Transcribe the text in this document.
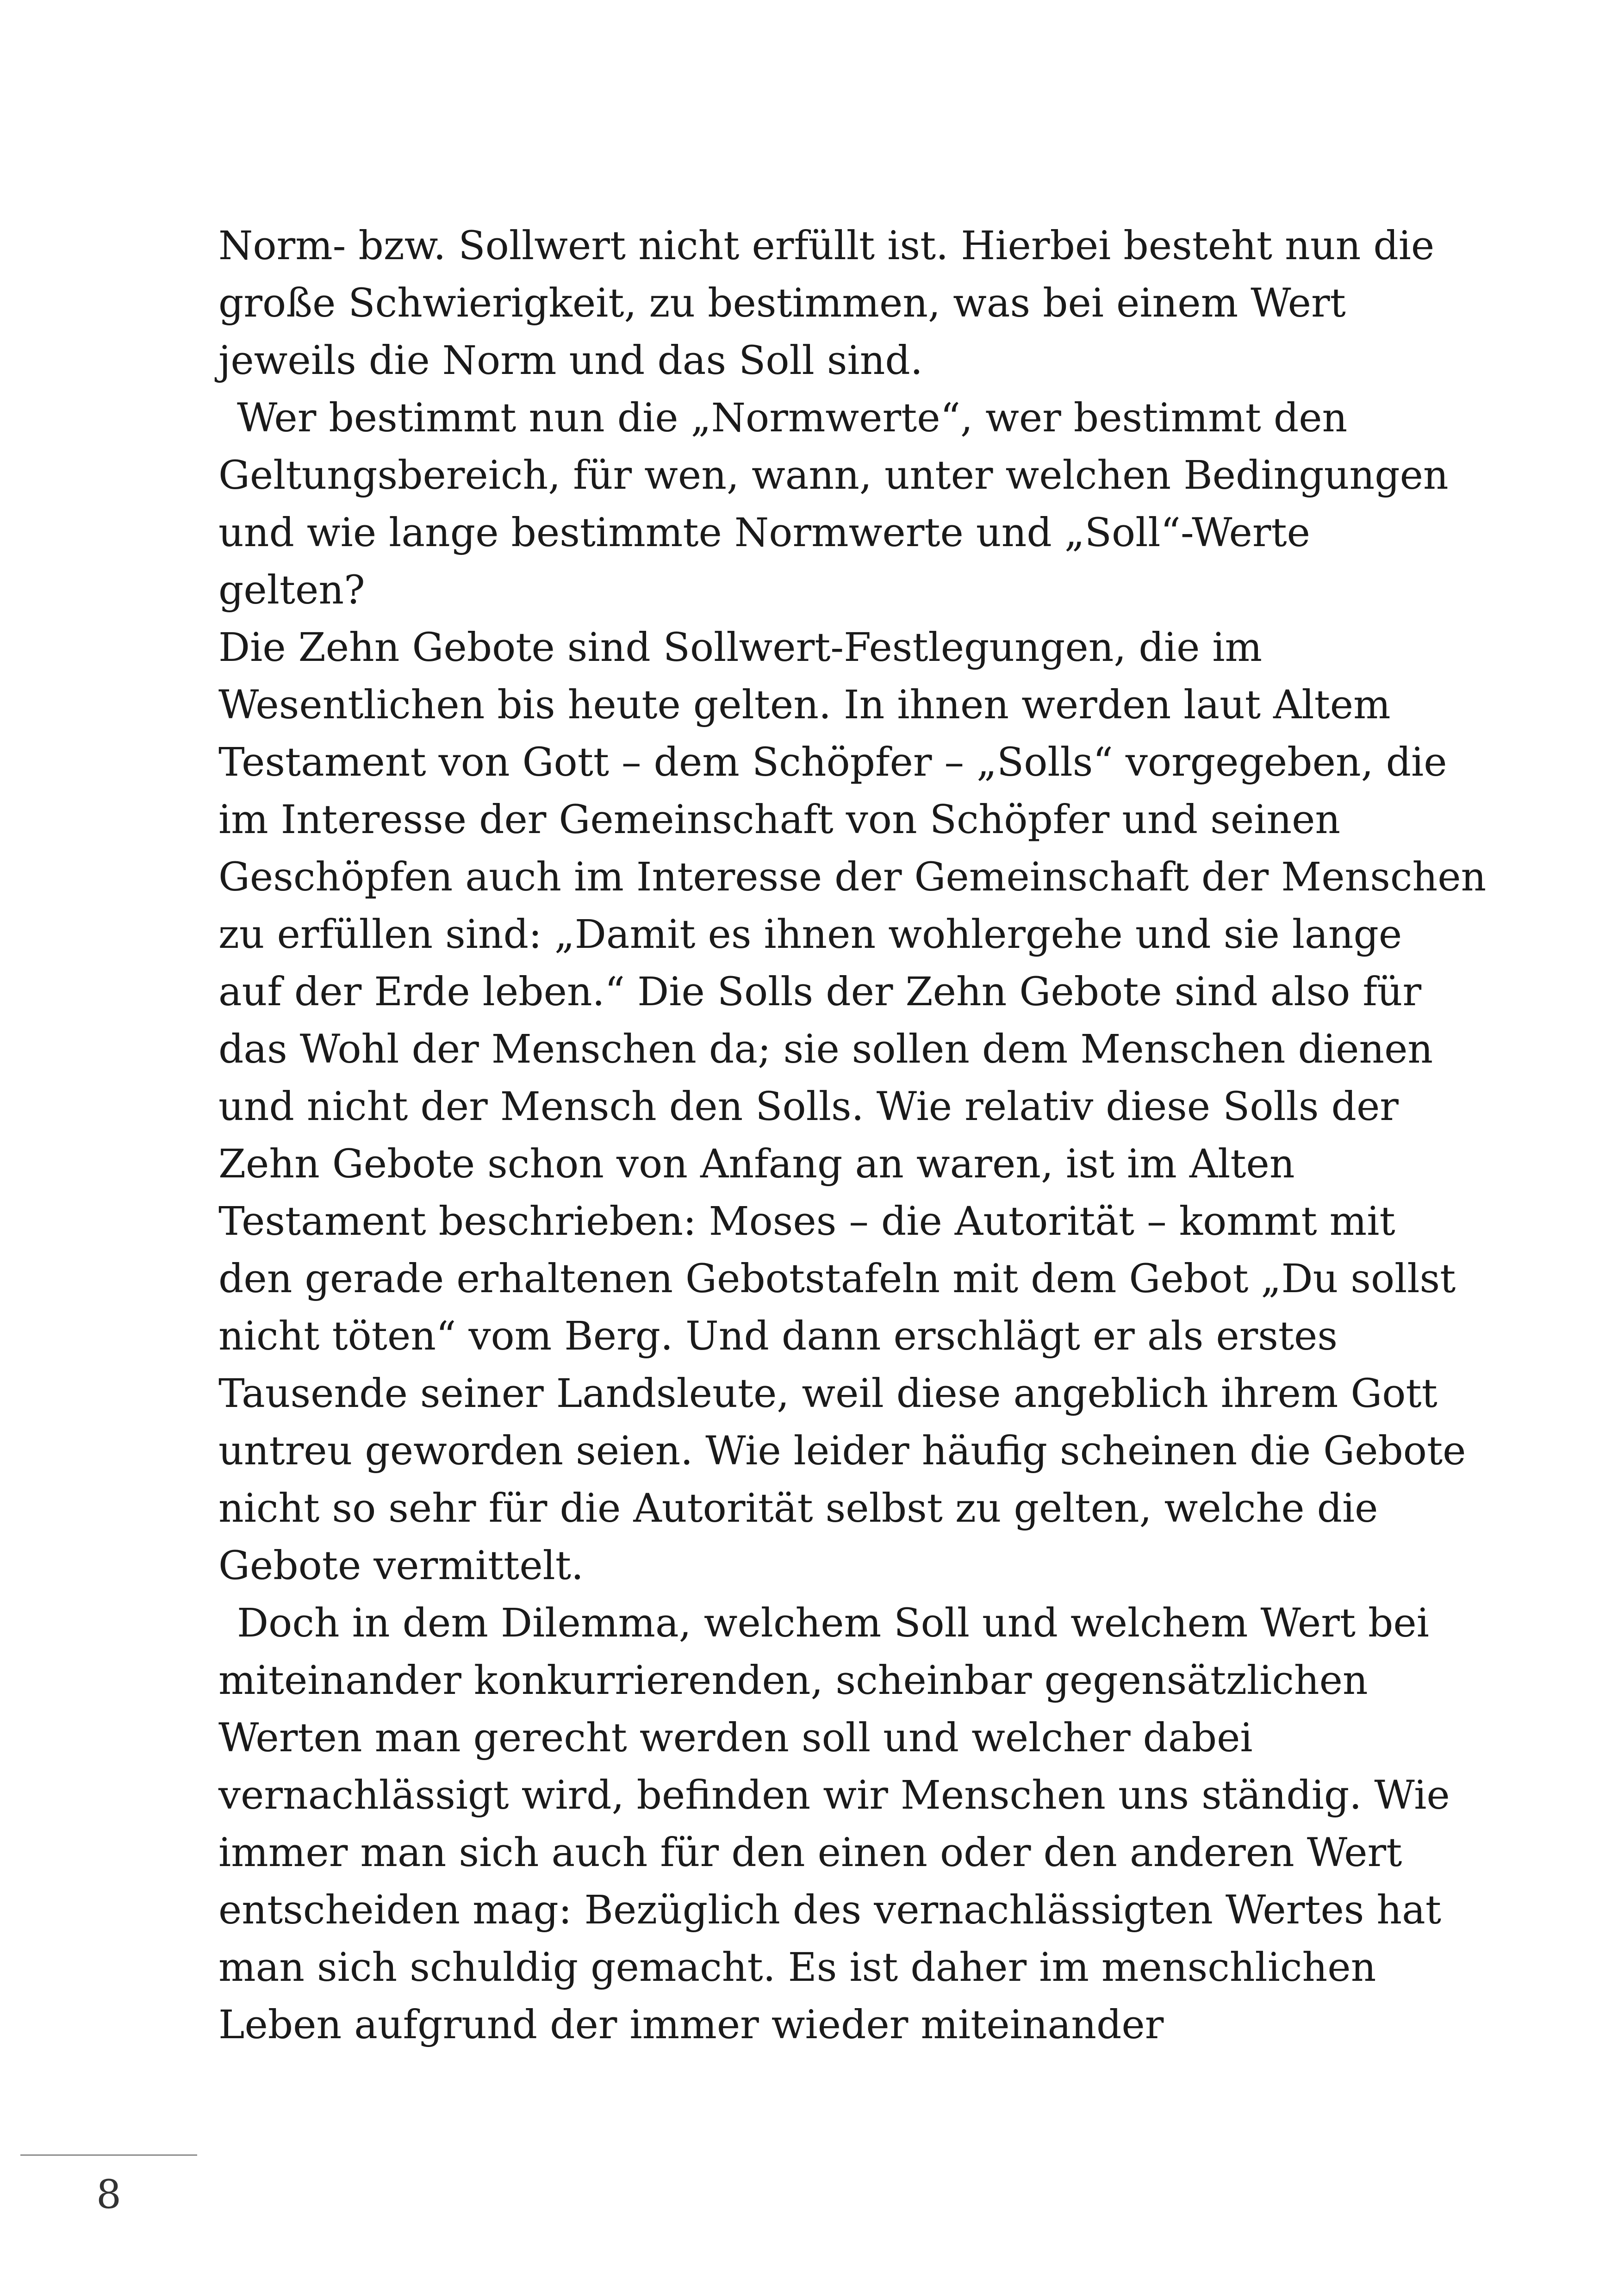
Norm- bzw. Sollwert nicht erfüllt ist. Hierbei besteht nun die
große Schwierigkeit, zu bestimmen, was bei einem Wert
jeweils die Norm und das Soll sind.
Wer bestimmt nun die „Normwerte“, wer bestimmt den
Geltungsbereich, für wen, wann, unter welchen Bedingungen
und wie lange bestimmte Normwerte und „Soll“-Werte
gelten?
Die Zehn Gebote sind Sollwert-Festlegungen, die im
Wesentlichen bis heute gelten. In ihnen werden laut Altem
Testament von Gott – dem Schöpfer – „Solls“ vorgegeben, die
im Interesse der Gemeinschaft von Schöpfer und seinen
Geschöpfen auch im Interesse der Gemeinschaft der Menschen
zu erfüllen sind: „Damit es ihnen wohlergehe und sie lange
auf der Erde leben.“ Die Solls der Zehn Gebote sind also für
das Wohl der Menschen da; sie sollen dem Menschen dienen
und nicht der Mensch den Solls. Wie relativ diese Solls der
Zehn Gebote schon von Anfang an waren, ist im Alten
Testament beschrieben: Moses – die Autorität – kommt mit
den gerade erhaltenen Gebotstafeln mit dem Gebot „Du sollst
nicht töten“ vom Berg. Und dann erschlägt er als erstes
Tausende seiner Landsleute, weil diese angeblich ihrem Gott
untreu geworden seien. Wie leider häufig scheinen die Gebote
nicht so sehr für die Autorität selbst zu gelten, welche die
Gebote vermittelt.
Doch in dem Dilemma, welchem Soll und welchem Wert bei
miteinander konkurrierenden, scheinbar gegensätzlichen
Werten man gerecht werden soll und welcher dabei
vernachlässigt wird, befinden wir Menschen uns ständig. Wie
immer man sich auch für den einen oder den anderen Wert
entscheiden mag: Bezüglich des vernachlässigten Wertes hat
man sich schuldig gemacht. Es ist daher im menschlichen
Leben aufgrund der immer wieder miteinander
8
